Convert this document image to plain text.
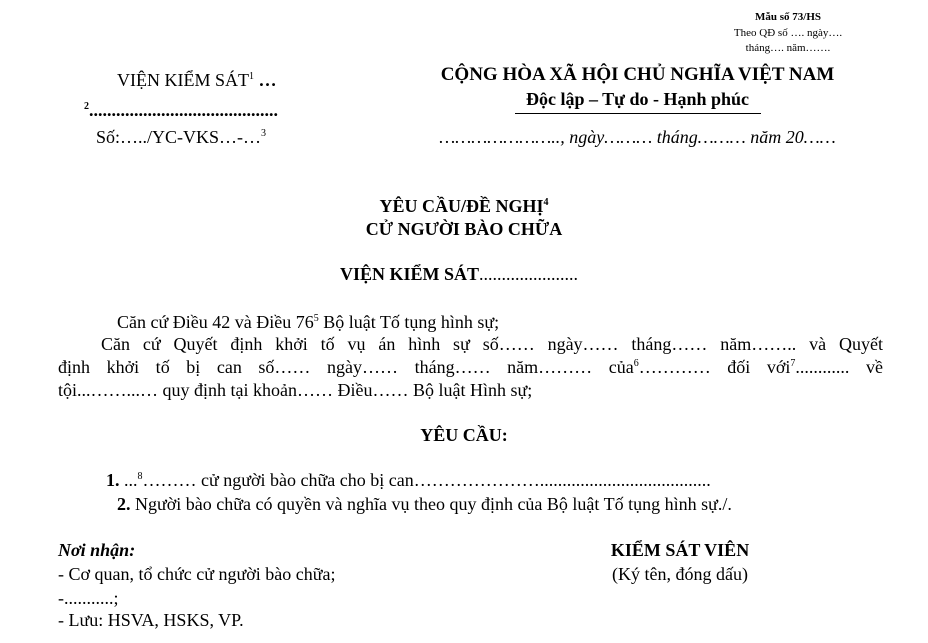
Mẫu số 73/HS
Theo QĐ số …. ngày….
tháng…. năm…….
VIỆN KIỂM SÁT$^1$ …
$^2$..........................................
Số:…../YC-VKS…-…$^3$
CỘNG HÒA XÃ HỘI CHỦ NGHĨA VIỆT NAM
Độc lập – Tự do - Hạnh phúc
………………….., ngày……… tháng……… năm 20……
YÊU CẦU/ĐỀ NGHỊ$^4$
CỬ NGƯỜI BÀO CHỮA
VIỆN KIỂM SÁT......................
Căn cứ Điều 42 và Điều $76^5$ Bộ luật Tố tụng hình sự;
Căn cứ Quyết định khởi tố vụ án hình sự số…… ngày…… tháng…… năm…….. và Quyết
định khởi tố bị can số…… ngày…… tháng…… năm……… của$^6$………… đối với$^7$............ về
tội...……...… quy định tại khoản…… Điều…… Bộ luật Hình sự;
YÊU CẦU:
1. ...$^8$……… cử người bào chữa cho bị can…………………......................................
2. Người bào chữa có quyền và nghĩa vụ theo quy định của Bộ luật Tố tụng hình sự./.
Nơi nhận:
- Cơ quan, tổ chức cử người bào chữa;
-...........;
- Lưu: HSVA, HSKS, VP.
KIỂM SÁT VIÊN
(Ký tên, đóng dấu)
